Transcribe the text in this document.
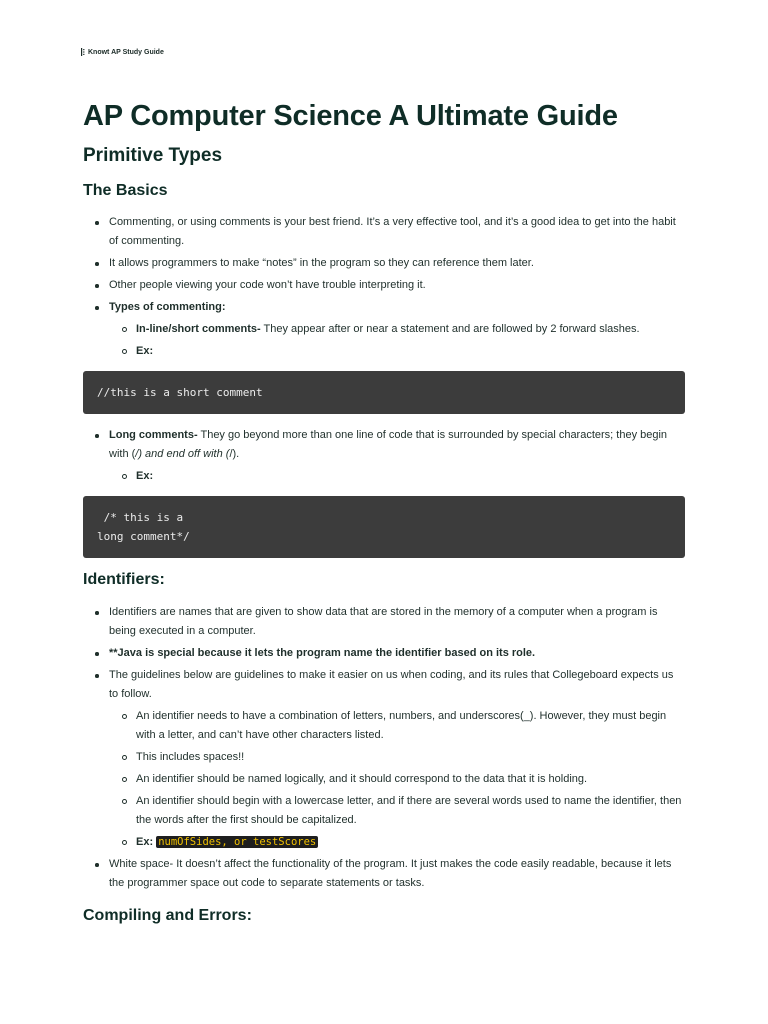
Knowt AP Study Guide
AP Computer Science A Ultimate Guide
Primitive Types
The Basics
Commenting, or using comments is your best friend. It’s a very effective tool, and it’s a good idea to get into the habit of commenting.
It allows programmers to make “notes” in the program so they can reference them later.
Other people viewing your code won’t have trouble interpreting it.
Types of commenting:
In-line/short comments- They appear after or near a statement and are followed by 2 forward slashes.
Ex:
//this is a short comment
Long comments- They go beyond more than one line of code that is surrounded by special characters; they begin with (/) and end off with (/).
Ex:
/* this is a
long comment*/
Identifiers:
Identifiers are names that are given to show data that are stored in the memory of a computer when a program is being executed in a computer.
**Java is special because it lets the program name the identifier based on its role.
The guidelines below are guidelines to make it easier on us when coding, and its rules that Collegeboard expects us to follow.
An identifier needs to have a combination of letters, numbers, and underscores(_). However, they must begin with a letter, and can’t have other characters listed.
This includes spaces!!
An identifier should be named logically, and it should correspond to the data that it is holding.
An identifier should begin with a lowercase letter, and if there are several words used to name the identifier, then the words after the first should be capitalized.
Ex: numOfSides, or testScores
White space- It doesn’t affect the functionality of the program. It just makes the code easily readable, because it lets the programmer space out code to separate statements or tasks.
Compiling and Errors:
